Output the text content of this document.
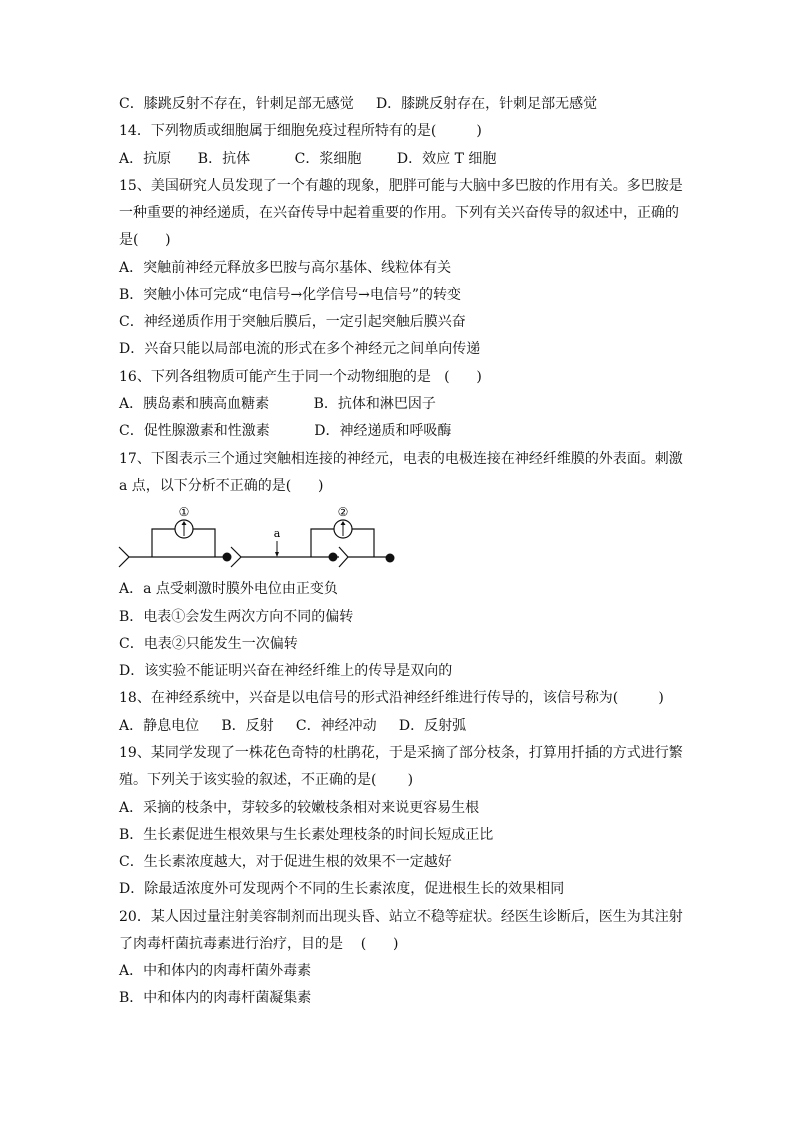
C．膝跳反射不存在，针刺足部无感觉     D．膝跳反射存在，针刺足部无感觉
14．下列物质或细胞属于细胞免疫过程所特有的是(         )
A．抗原      B．抗体          C．浆细胞        D．效应 T 细胞
15、美国研究人员发现了一个有趣的现象，肥胖可能与大脑中多巴胺的作用有关。多巴胺是
一种重要的神经递质，在兴奋传导中起着重要的作用。下列有关兴奋传导的叙述中，正确的
是(      )
A．突触前神经元释放多巴胺与高尔基体、线粒体有关
B．突触小体可完成“电信号→化学信号→电信号”的转变
C．神经递质作用于突触后膜后，一定引起突触后膜兴奋
D．兴奋只能以局部电流的形式在多个神经元之间单向传递
16、下列各组物质可能产生于同一个动物细胞的是   (      )
A．胰岛素和胰高血糖素          B．抗体和淋巴因子
C．促性腺激素和性激素          D．神经递质和呼吸酶
17、下图表示三个通过突触相连接的神经元，电表的电极连接在神经纤维膜的外表面。刺激
a 点，以下分析不正确的是(      )
①	②
a
A．a 点受刺激时膜外电位由正变负
B．电表①会发生两次方向不同的偏转
C．电表②只能发生一次偏转
D．该实验不能证明兴奋在神经纤维上的传导是双向的
18、在神经系统中，兴奋是以电信号的形式沿神经纤维进行传导的，该信号称为(         )
A．静息电位     B．反射     C．神经冲动     D．反射弧
19、某同学发现了一株花色奇特的杜鹃花，于是采摘了部分枝条，打算用扦插的方式进行繁
殖。下列关于该实验的叙述，不正确的是(       )
A．采摘的枝条中，芽较多的较嫩枝条相对来说更容易生根
B．生长素促进生根效果与生长素处理枝条的时间长短成正比
C．生长素浓度越大，对于促进生根的效果不一定越好
D．除最适浓度外可发现两个不同的生长素浓度，促进根生长的效果相同
20．某人因过量注射美容制剂而出现头昏、站立不稳等症状。经医生诊断后，医生为其注射
了肉毒杆菌抗毒素进行治疗，目的是    (      )
A．中和体内的肉毒杆菌外毒素
B．中和体内的肉毒杆菌凝集素
